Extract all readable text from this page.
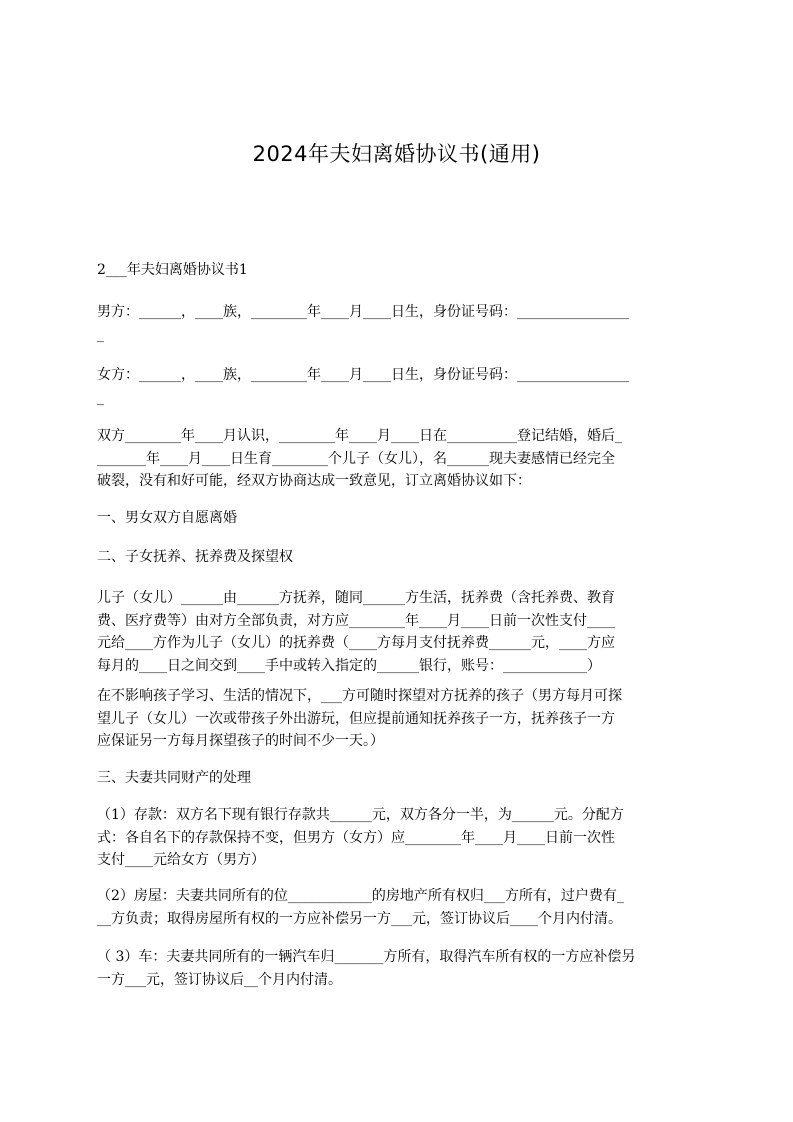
2024年夫妇离婚协议书(通用)
2___年夫妇离婚协议书1
男方：______，____族，________年____月____日生，身份证号码：________________
_
女方：______，____族，________年____月____日生，身份证号码：________________
_
双方________年____月认识，________年____月____日在__________登记结婚，婚后_
_______年____月____日生育________个儿子（女儿），名______现夫妻感情已经完全
破裂，没有和好可能，经双方协商达成一致意见，订立离婚协议如下：
一、男女双方自愿离婚
二、子女抚养、抚养费及探望权
儿子（女儿）______由______方抚养，随同______方生活，抚养费（含托养费、教育
费、医疗费等）由对方全部负责，对方应________年____月____日前一次性支付____
元给____方作为儿子（女儿）的抚养费（____方每月支付抚养费______元，____方应
每月的____日之间交到____手中或转入指定的______银行，账号：____________）
在不影响孩子学习、生活的情况下，___方可随时探望对方抚养的孩子（男方每月可探
望儿子（女儿）一次或带孩子外出游玩，但应提前通知抚养孩子一方，抚养孩子一方
应保证另一方每月探望孩子的时间不少一天。）
三、夫妻共同财产的处理
（1）存款：双方名下现有银行存款共______元，双方各分一半，为______元。分配方
式：各自名下的存款保持不变，但男方（女方）应________年____月____日前一次性
支付____元给女方（男方）
（2）房屋：夫妻共同所有的位____________的房地产所有权归___方所有，过户费有_
__方负责；取得房屋所有权的一方应补偿另一方___元，签订协议后____个月内付清。
（ 3）车：夫妻共同所有的一辆汽车归_______方所有，取得汽车所有权的一方应补偿另
一方___元，签订协议后__个月内付清。
